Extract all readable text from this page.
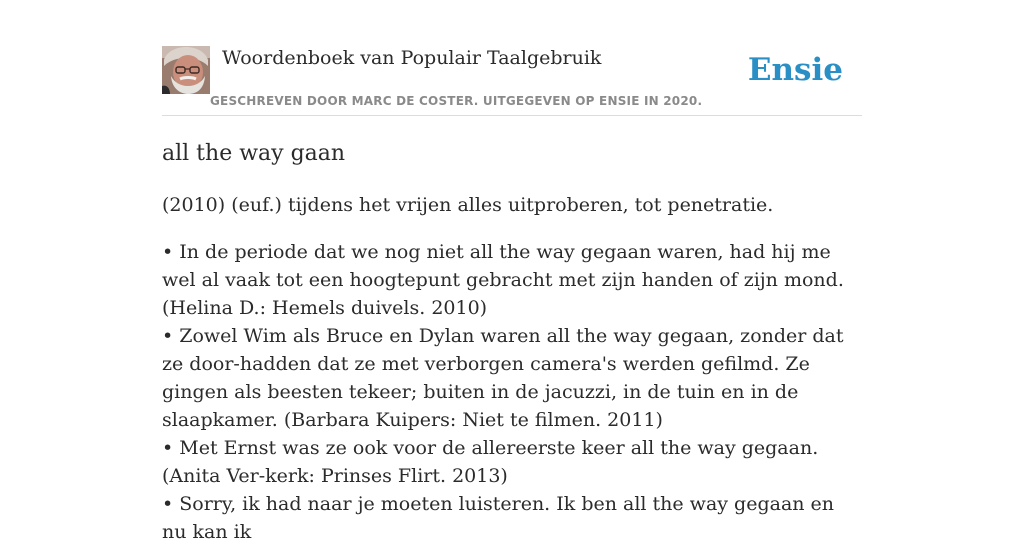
Woordenboek van Populair Taalgebruik
GESCHREVEN DOOR MARC DE COSTER. UITGEGEVEN OP ENSIE IN 2020.
Ensie
all the way gaan

(2010) (euf.) tijdens het vrijen alles uitproberen, tot penetratie.

• In de periode dat we nog niet all the way gegaan waren, had hij me wel al vaak tot een hoogtepunt gebracht met zijn handen of zijn mond. (Helina D.: Hemels duivels. 2010)
• Zowel Wim als Bruce en Dylan waren all the way gegaan, zonder dat ze door-hadden dat ze met verborgen camera's werden gefilmd. Ze gingen als beesten tekeer; buiten in de jacuzzi, in de tuin en in de slaapkamer. (Barbara Kuipers: Niet te filmen. 2011)
• Met Ernst was ze ook voor de allereerste keer all the way gegaan. (Anita Ver-kerk: Prinses Flirt. 2013)
• Sorry, ik had naar je moeten luisteren. Ik ben all the way gegaan en nu kan ik
